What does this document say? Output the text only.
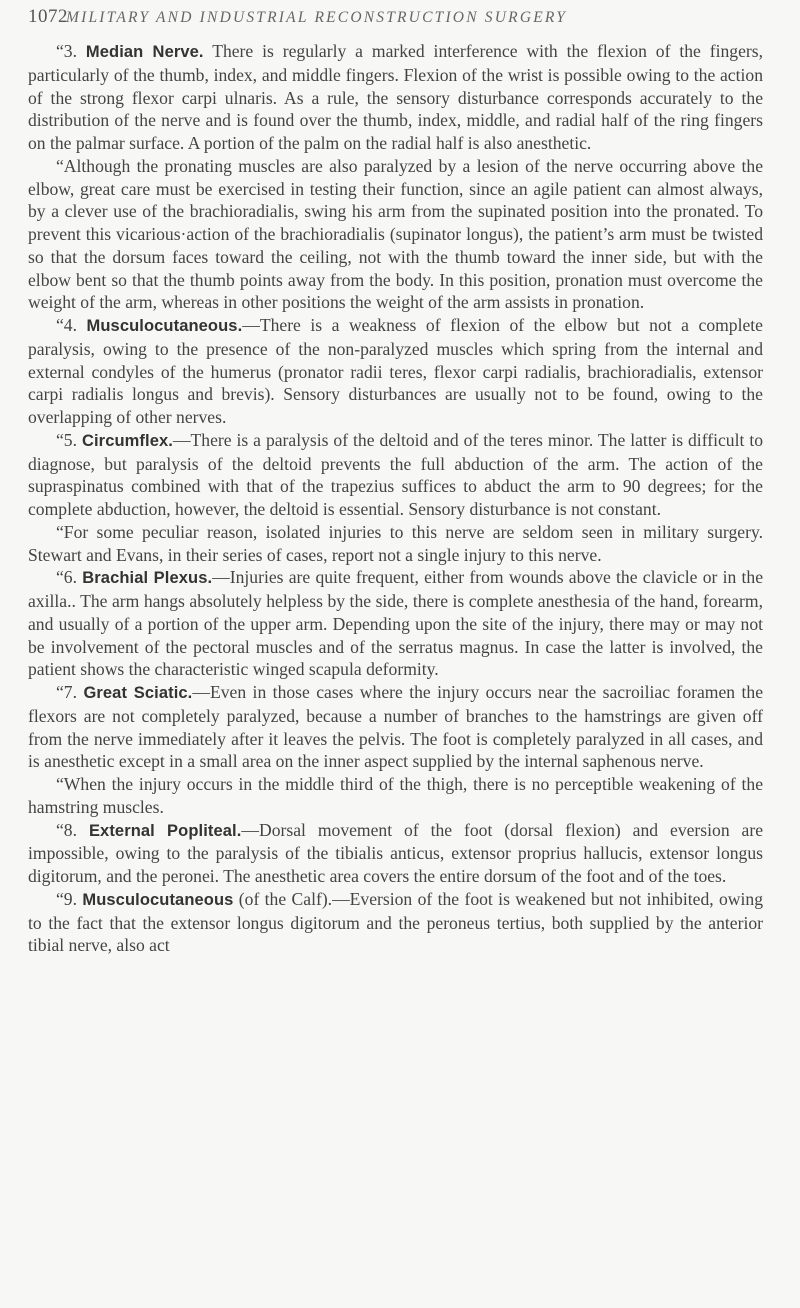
1072
MILITARY AND INDUSTRIAL RECONSTRUCTION SURGERY

“3. Median Nerve. There is regularly a marked interference with the flexion of the fingers, particularly of the thumb, index, and middle fingers. Flexion of the wrist is possible owing to the action of the strong flexor carpi ulnaris. As a rule, the sensory disturbance corresponds accurately to the distribution of the nerve and is found over the thumb, index, middle, and radial half of the ring fingers on the palmar surface. A portion of the palm on the radial half is also anesthetic.

“Although the pronating muscles are also paralyzed by a lesion of the nerve occurring above the elbow, great care must be exercised in testing their function, since an agile patient can almost always, by a clever use of the brachioradialis, swing his arm from the supinated position into the pronated. To prevent this vicarious·action of the brachioradialis (supinator longus), the patient’s arm must be twisted so that the dorsum faces toward the ceiling, not with the thumb toward the inner side, but with the elbow bent so that the thumb points away from the body. In this position, pronation must overcome the weight of the arm, whereas in other positions the weight of the arm assists in pronation.

“4. Musculocutaneous.—There is a weakness of flexion of the elbow but not a complete paralysis, owing to the presence of the non-paralyzed muscles which spring from the internal and external condyles of the humerus (pronator radii teres, flexor carpi radialis, brachioradialis, extensor carpi radialis longus and brevis). Sensory disturbances are usually not to be found, owing to the overlapping of other nerves.

“5. Circumflex.—There is a paralysis of the deltoid and of the teres minor. The latter is difficult to diagnose, but paralysis of the deltoid prevents the full abduction of the arm. The action of the supraspinatus combined with that of the trapezius suffices to abduct the arm to 90 degrees; for the complete abduction, however, the deltoid is essential. Sensory disturbance is not constant.

“For some peculiar reason, isolated injuries to this nerve are seldom seen in military surgery. Stewart and Evans, in their series of cases, report not a single injury to this nerve.

“6. Brachial Plexus.—Injuries are quite frequent, either from wounds above the clavicle or in the axilla.. The arm hangs absolutely helpless by the side, there is complete anesthesia of the hand, forearm, and usually of a portion of the upper arm. Depending upon the site of the injury, there may or may not be involvement of the pectoral muscles and of the serratus magnus. In case the latter is involved, the patient shows the characteristic winged scapula deformity.

“7. Great Sciatic.—Even in those cases where the injury occurs near the sacroiliac foramen the flexors are not completely paralyzed, because a number of branches to the hamstrings are given off from the nerve immediately after it leaves the pelvis. The foot is completely paralyzed in all cases, and is anesthetic except in a small area on the inner aspect supplied by the internal saphenous nerve.

“When the injury occurs in the middle third of the thigh, there is no perceptible weakening of the hamstring muscles.

“8. External Popliteal.—Dorsal movement of the foot (dorsal flexion) and eversion are impossible, owing to the paralysis of the tibialis anticus, extensor proprius hallucis, extensor longus digitorum, and the peronei. The anesthetic area covers the entire dorsum of the foot and of the toes.

“9. Musculocutaneous (of the Calf).—Eversion of the foot is weakened but not inhibited, owing to the fact that the extensor longus digitorum and the peroneus tertius, both supplied by the anterior tibial nerve, also act
